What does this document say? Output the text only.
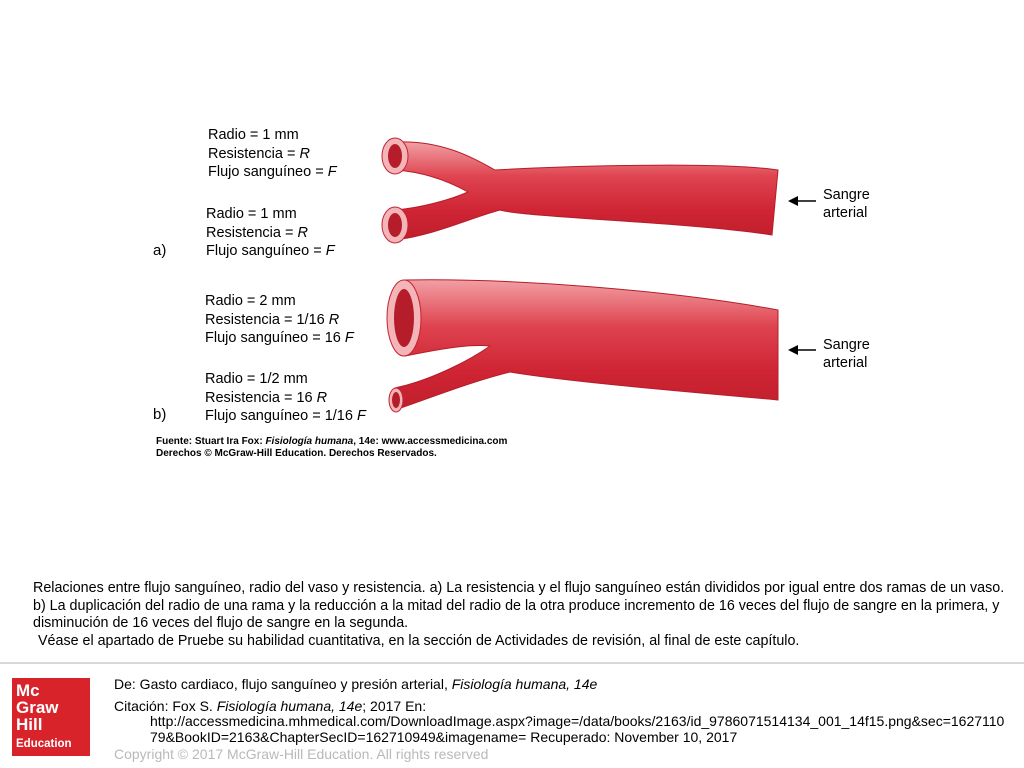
Radio = 1 mm
Resistencia = R
Flujo sanguíneo = F
Radio = 1 mm
Resistencia = R
Flujo sanguíneo = F
a)
Sangre
arterial
Radio = 2 mm
Resistencia = 1/16 R
Flujo sanguíneo = 16 F
Radio = 1/2 mm
Resistencia = 16 R
Flujo sanguíneo = 1/16 F
b)
Sangre
arterial
Fuente: Stuart Ira Fox: Fisiología humana, 14e: www.accessmedicina.com
Derechos © McGraw-Hill Education. Derechos Reservados.

Relaciones entre flujo sanguíneo, radio del vaso y resistencia. a) La resistencia y el flujo sanguíneo están divididos por igual entre dos ramas de un vaso. b) La duplicación del radio de una rama y la reducción a la mitad del radio de la otra produce incremento de 16 veces del flujo de sangre en la primera, y disminución de 16 veces del flujo de sangre en la segunda.

Véase el apartado de Pruebe su habilidad cuantitativa, en la sección de Actividades de revisión, al final de este capítulo.

Mc
Graw
Hill
Education
De: Gasto cardiaco, flujo sanguíneo y presión arterial, Fisiología humana, 14e
Citación: Fox S. Fisiología humana, 14e; 2017 En:
http://accessmedicina.mhmedical.com/DownloadImage.aspx?image=/data/books/2163/id_9786071514134_001_14f15.png&sec=162711079&BookID=2163&ChapterSecID=162710949&imagename= Recuperado: November 10, 2017
Copyright © 2017 McGraw-Hill Education. All rights reserved
